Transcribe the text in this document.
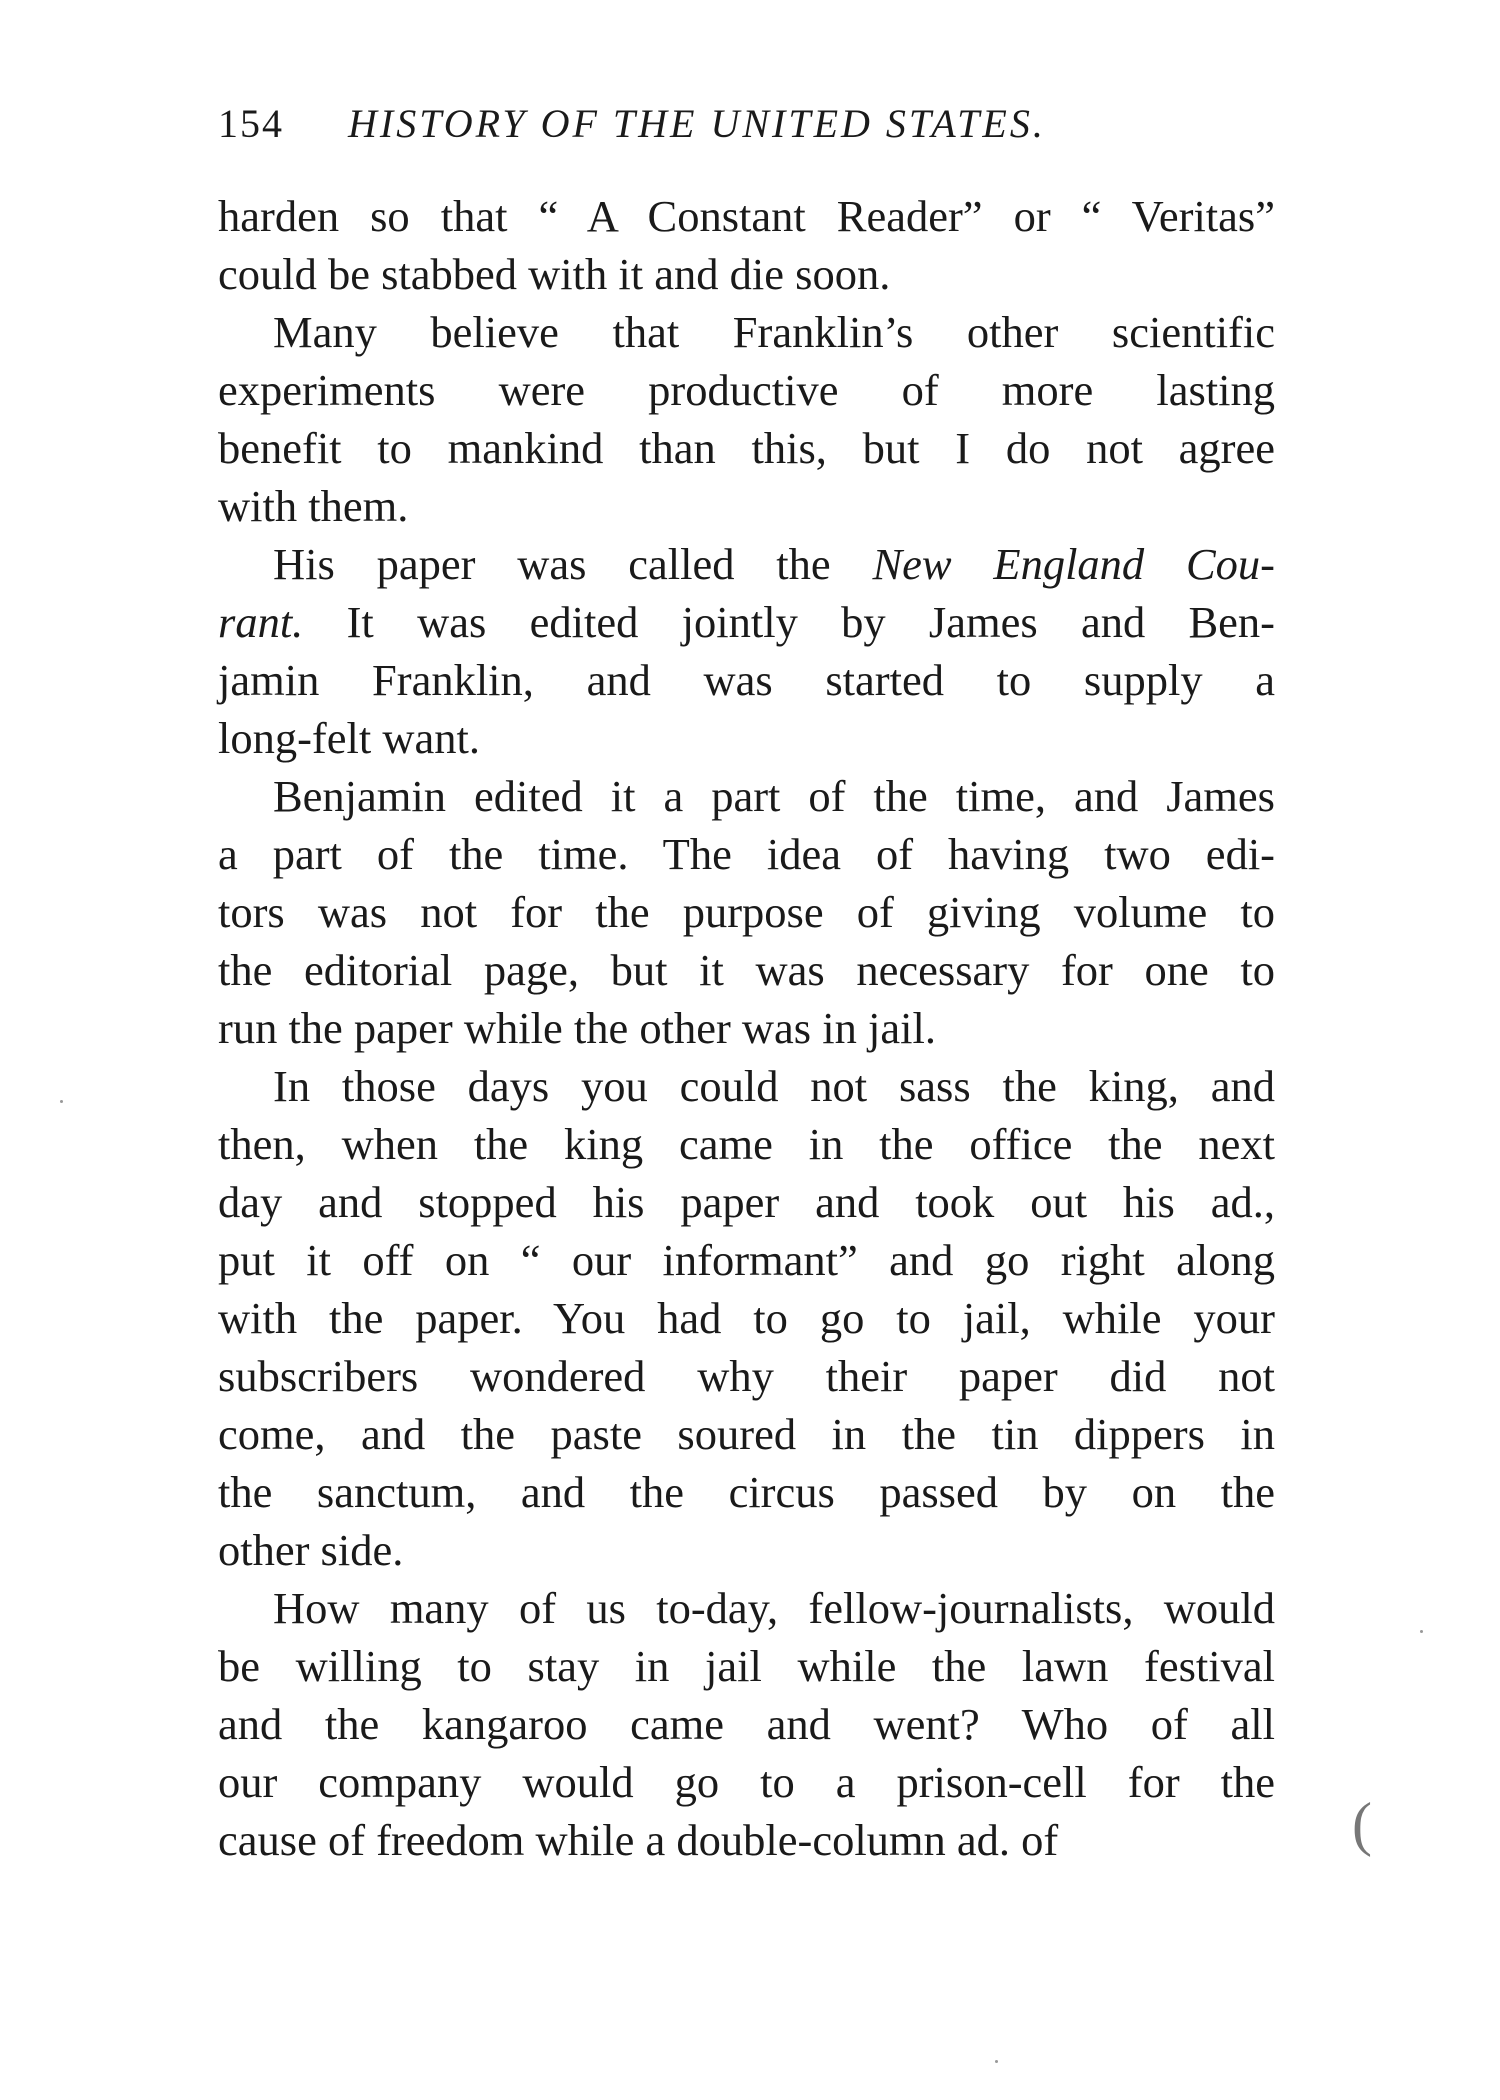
154 HISTORY OF THE UNITED STATES.
harden so that “ A Constant Reader” or “ Veritas”
could be stabbed with it and die soon.
Many believe that Franklin’s other scientific
experiments were productive of more lasting
benefit to mankind than this, but I do not agree
with them.
His paper was called the New England Cou-
rant. It was edited jointly by James and Ben-
jamin Franklin, and was started to supply a
long-felt want.
Benjamin edited it a part of the time, and James
a part of the time. The idea of having two edi-
tors was not for the purpose of giving volume to
the editorial page, but it was necessary for one to
run the paper while the other was in jail.
In those days you could not sass the king, and
then, when the king came in the office the next
day and stopped his paper and took out his ad.,
put it off on “ our informant” and go right along
with the paper. You had to go to jail, while your
subscribers wondered why their paper did not
come, and the paste soured in the tin dippers in
the sanctum, and the circus passed by on the
other side.
How many of us to-day, fellow-journalists, would
be willing to stay in jail while the lawn festival
and the kangaroo came and went? Who of all
our company would go to a prison-cell for the
cause of freedom while a double-column ad. of	(
